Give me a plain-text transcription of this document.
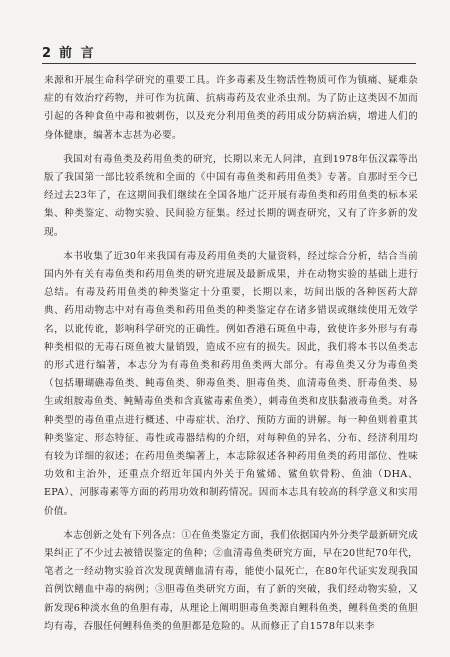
2 前 言

来源和开展生命科学研究的重要工具。许多毒素及生物活性物质可作为镇痛、疑难杂症的有效治疗药物，并可作为抗菌、抗病毒药及农业杀虫剂。为了防止这类因不加而引起的各种食鱼中毒和被刺伤，以及充分利用鱼类的药用成分防病治病，增进人们的身体健康，编著本志甚为必要。

我国对有毒鱼类及药用鱼类的研究，长期以来无人问津，直到1978年伍汉霖等出版了我国第一部比较系统和全面的《中国有毒鱼类和药用鱼类》专著。自那时至今已经过去23年了，在这期间我们继续在全国各地广泛开展有毒鱼类和药用鱼类的标本采集、种类鉴定、动物实验、民间验方征集。经过长期的调查研究，又有了许多新的发现。

本书收集了近30年来我国有毒及药用鱼类的大量资料，经过综合分析，结合当前国内外有关有毒鱼类和药用鱼类的研究进展及最新成果，并在动物实验的基础上进行总结。有毒及药用鱼类的种类鉴定十分重要，长期以来，坊间出版的各种医药大辞典、药用动物志中对有毒鱼类和药用鱼类的种类鉴定存在诸多错误或继续使用无效学名，以讹传讹，影响科学研究的正确性。例如香港石斑鱼中毒，致使许多外形与有毒种类相似的无毒石斑鱼被大量销毁，造成不应有的损失。因此，我们将本书以鱼类志的形式进行编著，本志分为有毒鱼类和药用鱼类两大部分。有毒鱼类又分为毒鱼类（包括珊瑚礁毒鱼类、鲀毒鱼类、卵毒鱼类、胆毒鱼类、血清毒鱼类、肝毒鱼类、易生或组胺毒鱼类、鲀鲭毒鱼类和含真鲨毒素鱼类），刺毒鱼类和皮肤黏液毒鱼类。对各种类型的毒鱼重点进行概述、中毒症状、治疗、预防方面的讲解。每一种鱼则着重其种类鉴定、形态特征、毒性或毒器结构的介绍，对每种鱼的异名、分布、经济利用均有较为详细的叙述；在药用鱼类编著上，本志除叙述各种药用鱼类的药用部位、性味功效和主治外，还重点介绍近年国内外关于角鲨烯、鲨鱼软骨粉、鱼油（DHA、EPA）、河豚毒素等方面的药用功效和制药情况。因而本志具有较高的科学意义和实用价值。

本志创新之处有下列各点：①在鱼类鉴定方面，我们依据国内外分类学最新研究成果纠正了不少过去被错误鉴定的鱼种；②血清毒鱼类研究方面，早在20世纪70年代，笔者之一经动物实验首次发现黄鳝血清有毒，能使小鼠死亡，在80年代证实发现我国首例饮鳝血中毒的病例；③胆毒鱼类研究方面，有了新的突破，我们经动物实验，又新发现6种淡水鱼的鱼胆有毒，从理论上阐明胆毒鱼类源自鲤科鱼类，鲤科鱼类的鱼胆均有毒，吞服任何鲤科鱼类的鱼胆都是危险的。从而修正了自1578年以来李
